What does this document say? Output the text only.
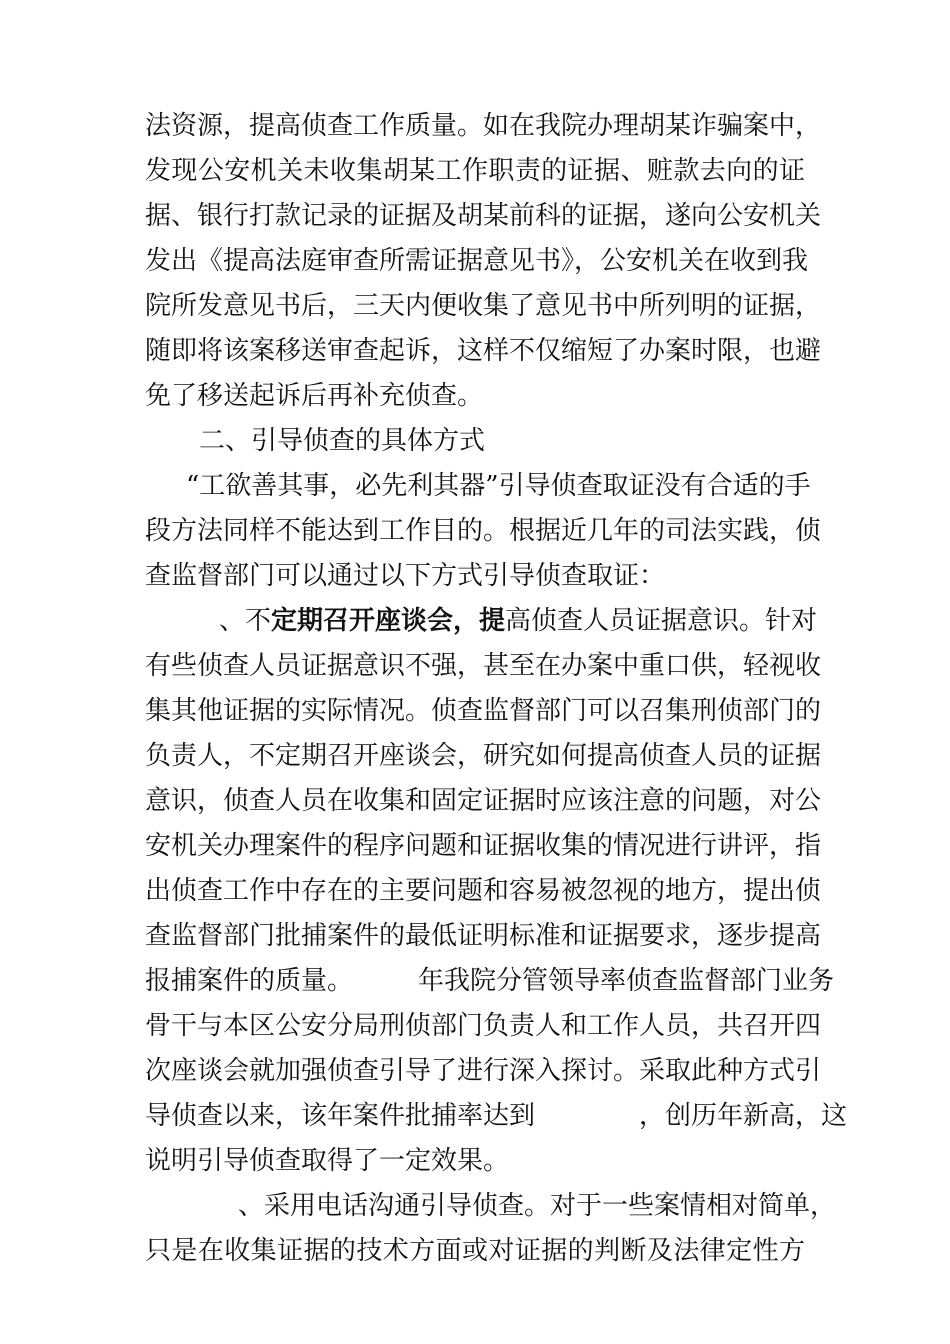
法资源，提高侦查工作质量。如在我院办理胡某诈骗案中，
发现公安机关未收集胡某工作职责的证据、赃款去向的证
据、银行打款记录的证据及胡某前科的证据，遂向公安机关
发出《提高法庭审查所需证据意见书》，公安机关在收到我
院所发意见书后，三天内便收集了意见书中所列明的证据，
随即将该案移送审查起诉，这样不仅缩短了办案时限，也避
免了移送起诉后再补充侦查。
二、引导侦查的具体方式
“工欲善其事，必先利其器”引导侦查取证没有合适的手
段方法同样不能达到工作目的。根据近几年的司法实践，侦
查监督部门可以通过以下方式引导侦查取证：
、不定期召开座谈会，提高侦查人员证据意识。针对
有些侦查人员证据意识不强，甚至在办案中重口供，轻视收
集其他证据的实际情况。侦查监督部门可以召集刑侦部门的
负责人，不定期召开座谈会，研究如何提高侦查人员的证据
意识，侦查人员在收集和固定证据时应该注意的问题，对公
安机关办理案件的程序问题和证据收集的情况进行讲评，指
出侦查工作中存在的主要问题和容易被忽视的地方，提出侦
查监督部门批捕案件的最低证明标准和证据要求，逐步提高
报捕案件的质量。　　　年我院分管领导率侦查监督部门业务
骨干与本区公安分局刑侦部门负责人和工作人员，共召开四
次座谈会就加强侦查引导了进行深入探讨。采取此种方式引
导侦查以来，该年案件批捕率达到　　　　，创历年新高，这
说明引导侦查取得了一定效果。
、采用电话沟通引导侦查。对于一些案情相对简单，
只是在收集证据的技术方面或对证据的判断及法律定性方
